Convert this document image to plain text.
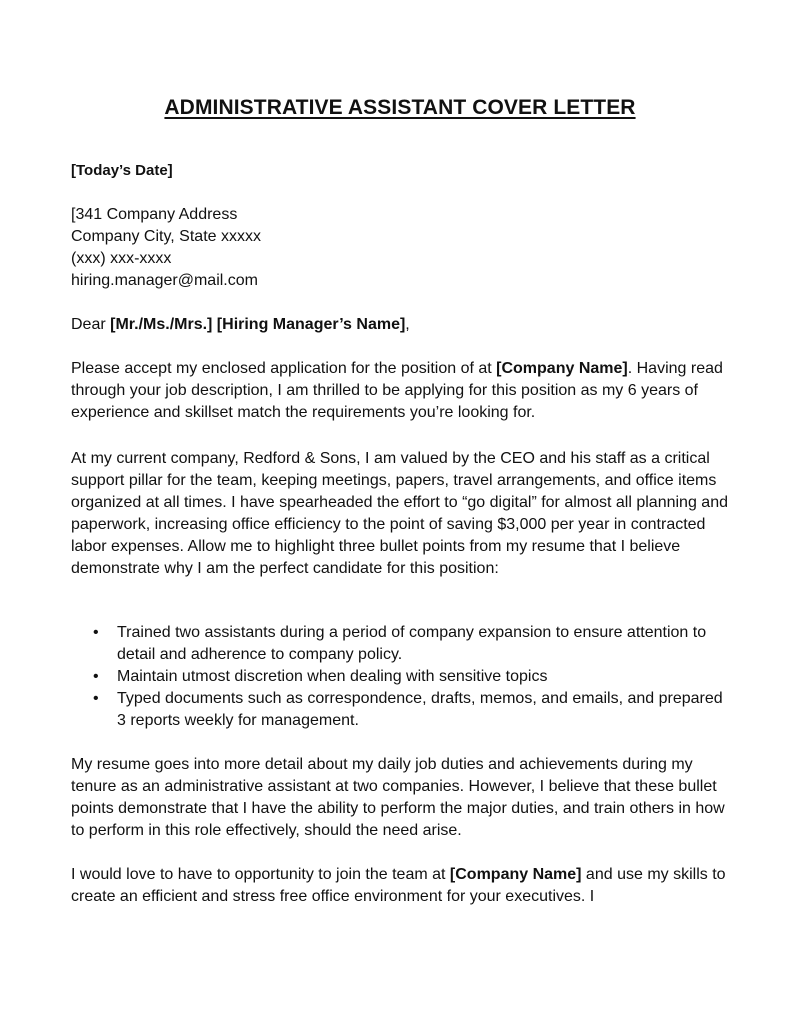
ADMINISTRATIVE ASSISTANT COVER LETTER
[Today’s Date]
[341 Company Address
Company City, State xxxxx
(xxx) xxx-xxxx
hiring.manager@mail.com
Dear [Mr./Ms./Mrs.] [Hiring Manager’s Name],
Please accept my enclosed application for the position of at [Company Name]. Having read through your job description, I am thrilled to be applying for this position as my 6 years of experience and skillset match the requirements you’re looking for.
At my current company, Redford & Sons, I am valued by the CEO and his staff as a critical support pillar for the team, keeping meetings, papers, travel arrangements, and office items organized at all times. I have spearheaded the effort to “go digital” for almost all planning and paperwork, increasing office efficiency to the point of saving $3,000 per year in contracted labor expenses. Allow me to highlight three bullet points from my resume that I believe demonstrate why I am the perfect candidate for this position:
• Trained two assistants during a period of company expansion to ensure attention to detail and adherence to company policy.
• Maintain utmost discretion when dealing with sensitive topics
• Typed documents such as correspondence, drafts, memos, and emails, and prepared 3 reports weekly for management.
My resume goes into more detail about my daily job duties and achievements during my tenure as an administrative assistant at two companies. However, I believe that these bullet points demonstrate that I have the ability to perform the major duties, and train others in how to perform in this role effectively, should the need arise.
I would love to have to opportunity to join the team at [Company Name] and use my skills to create an efficient and stress free office environment for your executives. I
